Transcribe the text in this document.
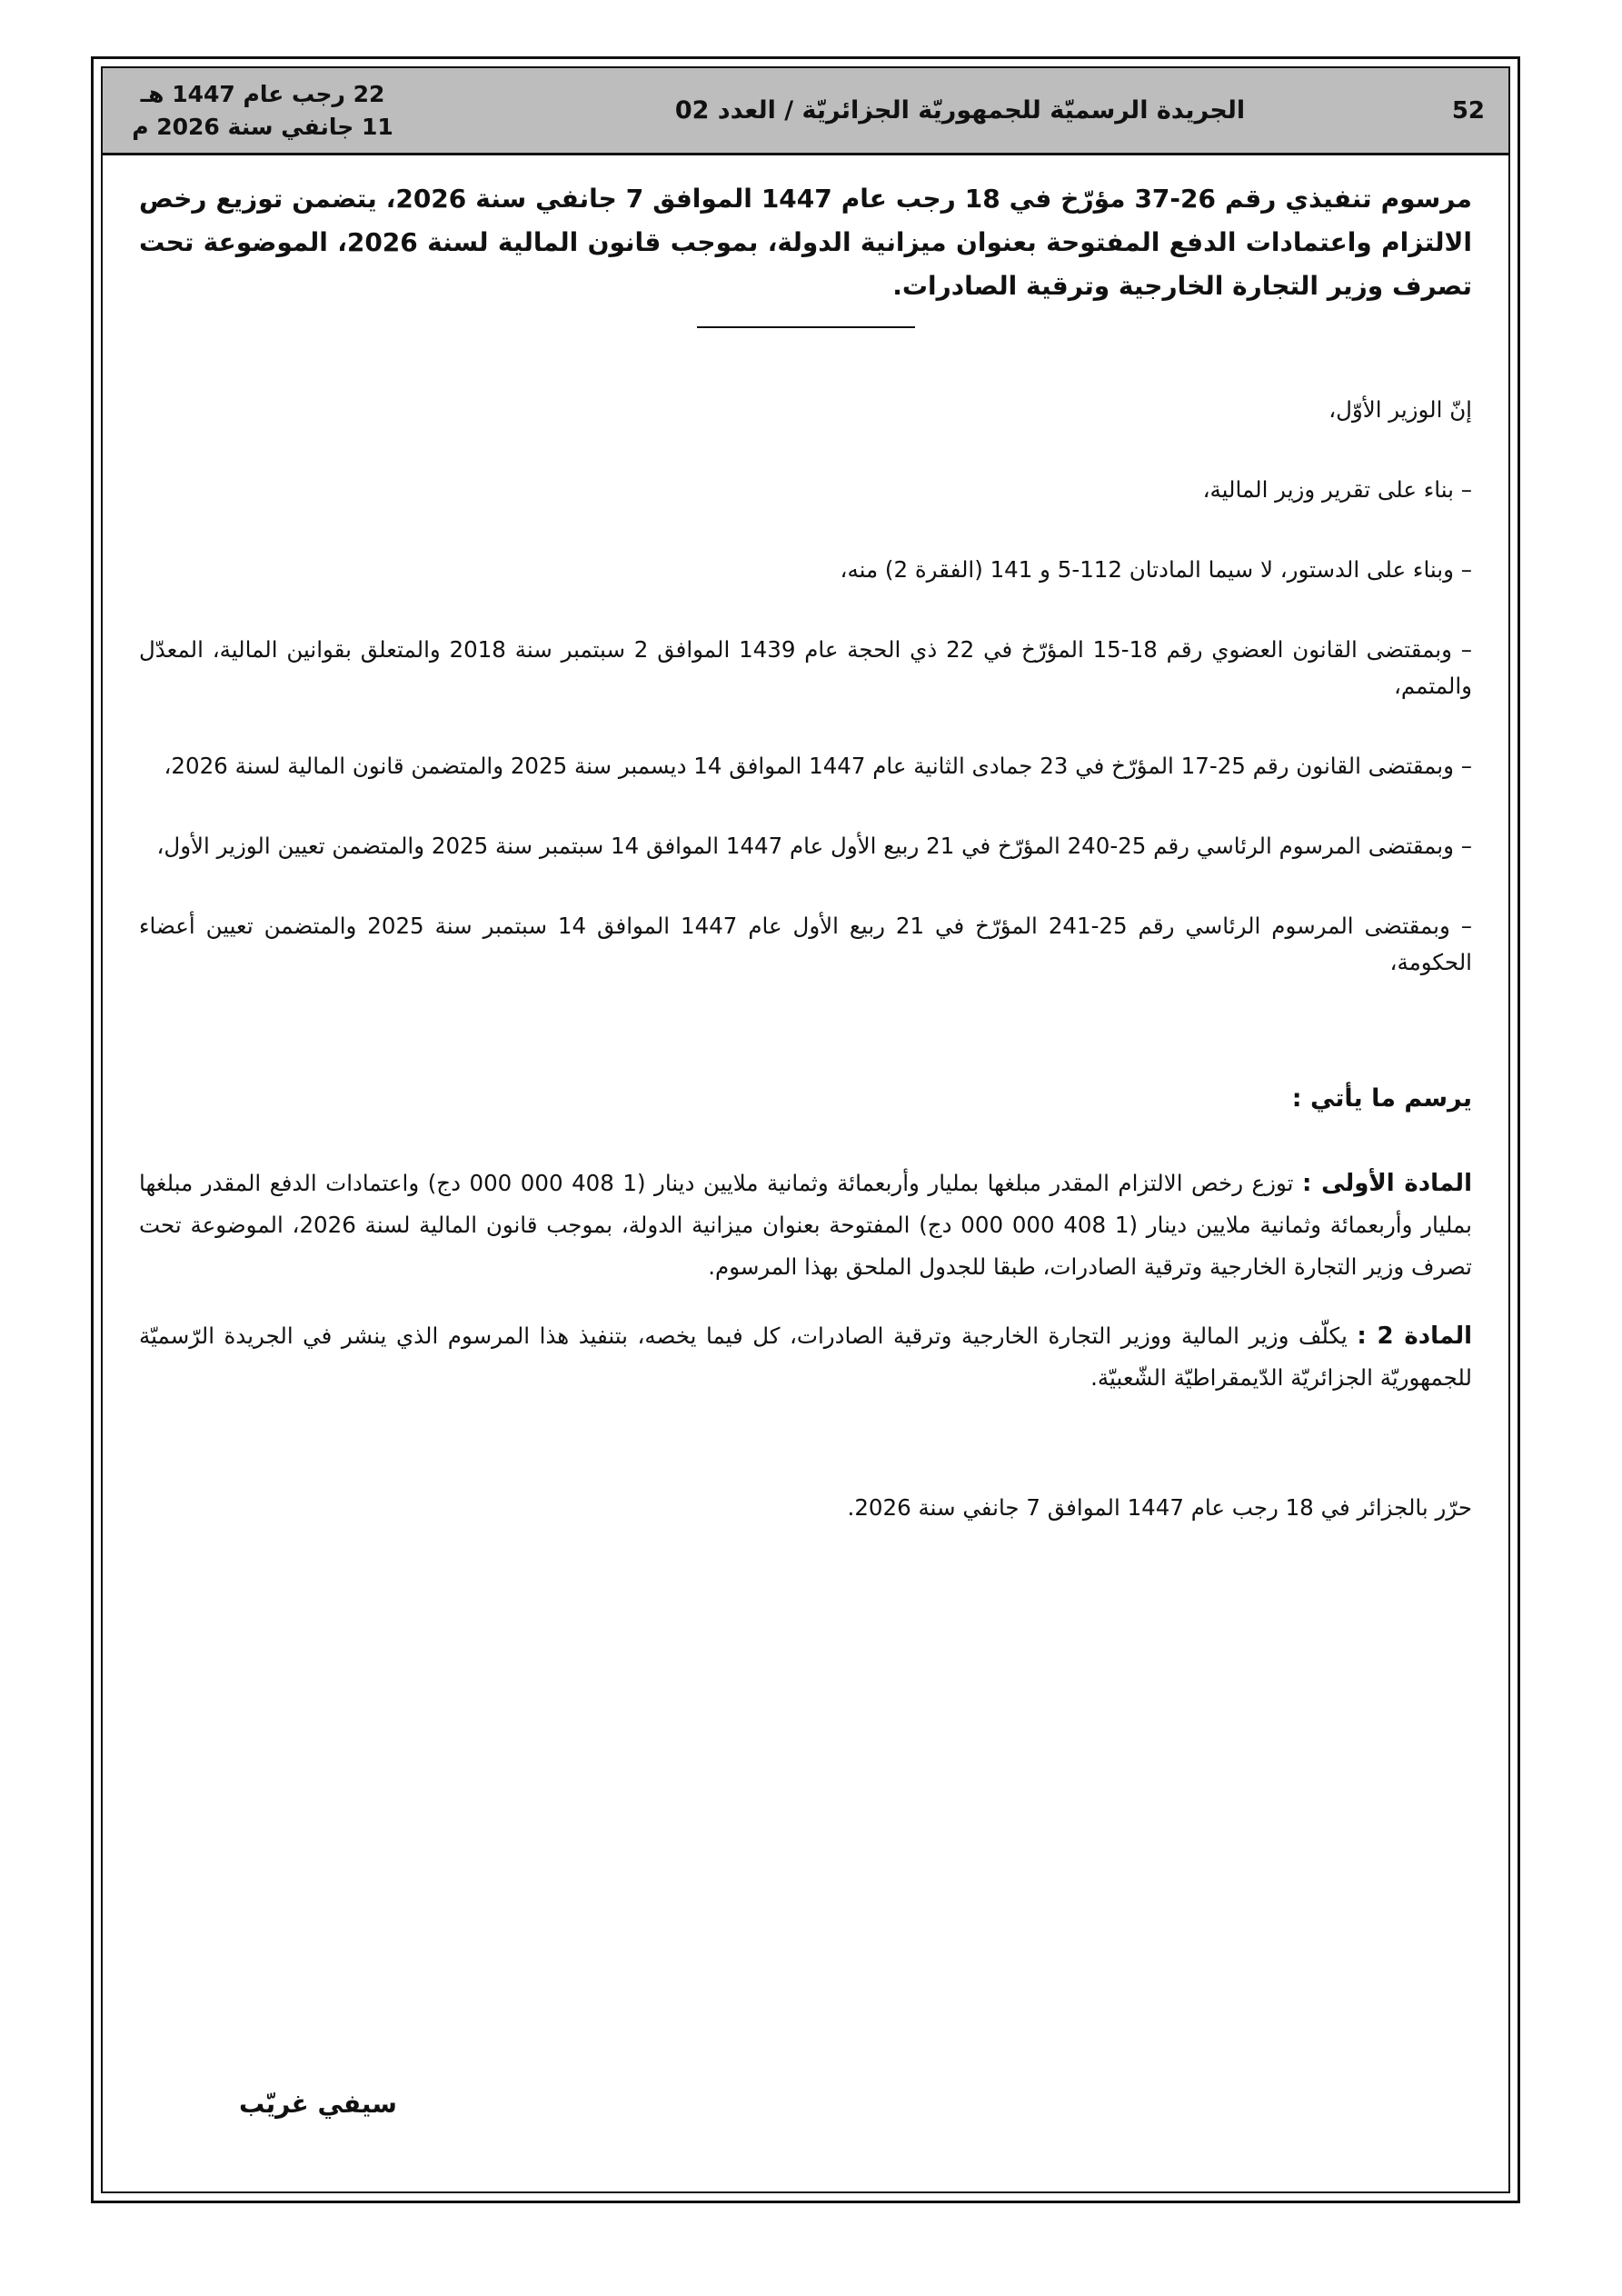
52
الجريدة الرسميّة للجمهوريّة الجزائريّة / العدد 02
22 رجب عام 1447 هـ
11 جانفي سنة 2026 م

مرسوم تنفيذي رقم 26-37 مؤرّخ في 18 رجب عام 1447 الموافق 7 جانفي سنة 2026، يتضمن توزيع رخص الالتزام واعتمادات الدفع المفتوحة بعنوان ميزانية الدولة، بموجب قانون المالية لسنة 2026، الموضوعة تحت تصرف وزير التجارة الخارجية وترقية الصادرات.

إنّ الوزير الأوّل،

– بناء على تقرير وزير المالية،

– وبناء على الدستور، لا سيما المادتان 112-5 و 141 (الفقرة 2) منه،

– وبمقتضى القانون العضوي رقم 18-15 المؤرّخ في 22 ذي الحجة عام 1439 الموافق 2 سبتمبر سنة 2018 والمتعلق بقوانين المالية، المعدّل والمتمم،

– وبمقتضى القانون رقم 25-17 المؤرّخ في 23 جمادى الثانية عام 1447 الموافق 14 ديسمبر سنة 2025 والمتضمن قانون المالية لسنة 2026،

– وبمقتضى المرسوم الرئاسي رقم 25-240 المؤرّخ في 21 ربيع الأول عام 1447 الموافق 14 سبتمبر سنة 2025 والمتضمن تعيين الوزير الأول،

– وبمقتضى المرسوم الرئاسي رقم 25-241 المؤرّخ في 21 ربيع الأول عام 1447 الموافق 14 سبتمبر سنة 2025 والمتضمن تعيين أعضاء الحكومة،

يرسم ما يأتي :

المادة الأولى : توزع رخص الالتزام المقدر مبلغها بمليار وأربعمائة وثمانية ملايين دينار (1 408 000 000 دج) واعتمادات الدفع المقدر مبلغها بمليار وأربعمائة وثمانية ملايين دينار (1 408 000 000 دج) المفتوحة بعنوان ميزانية الدولة، بموجب قانون المالية لسنة 2026، الموضوعة تحت تصرف وزير التجارة الخارجية وترقية الصادرات، طبقا للجدول الملحق بهذا المرسوم.

المادة 2 : يكلّف وزير المالية ووزير التجارة الخارجية وترقية الصادرات، كل فيما يخصه، بتنفيذ هذا المرسوم الذي ينشر في الجريدة الرّسميّة للجمهوريّة الجزائريّة الدّيمقراطيّة الشّعبيّة.

حرّر بالجزائر في 18 رجب عام 1447 الموافق 7 جانفي سنة 2026.

سيفي غريّب
